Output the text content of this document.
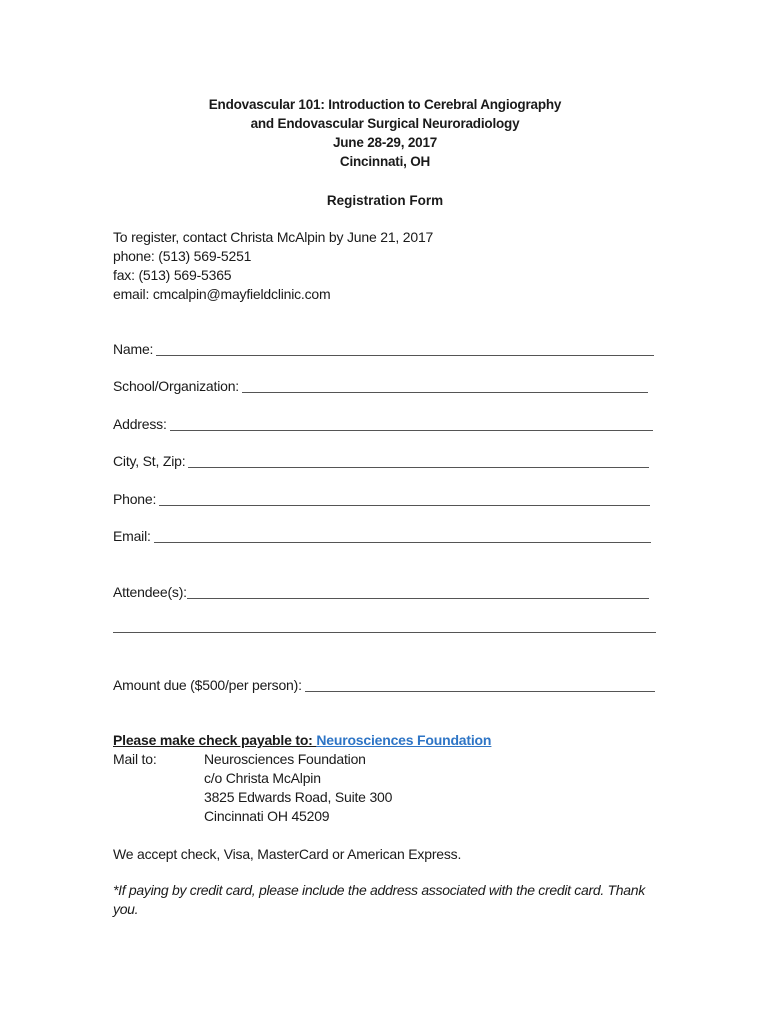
Endovascular 101: Introduction to Cerebral Angiography
and Endovascular Surgical Neuroradiology
June 28-29, 2017
Cincinnati, OH
Registration Form
To register, contact Christa McAlpin by June 21, 2017
phone: (513) 569-5251
fax: (513) 569-5365
email: cmcalpin@mayfieldclinic.com
Name:
School/Organization:
Address:
City, St, Zip:
Phone:
Email:
Attendee(s):
Amount due ($500/per person):
Please make check payable to: Neurosciences Foundation
Mail to:	Neurosciences Foundation
c/o Christa McAlpin
3825 Edwards Road, Suite 300
Cincinnati OH 45209
We accept check, Visa, MasterCard or American Express.
*If paying by credit card, please include the address associated with the credit card. Thank you.
